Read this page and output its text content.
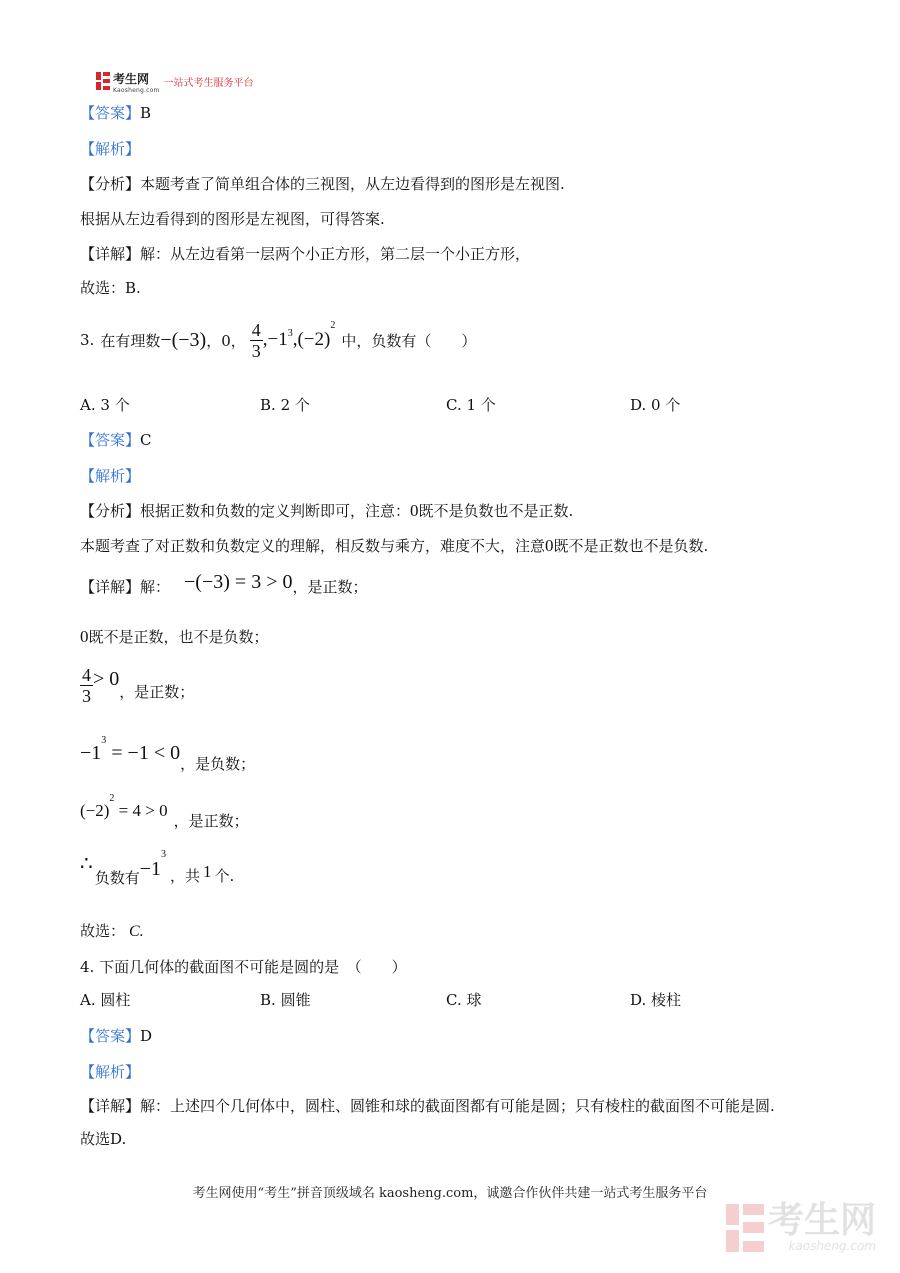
考生网
Kaosheng.com
一站式考生服务平台
【答案】B
【解析】
【分析】本题考查了简单组合体的三视图，从左边看得到的图形是左视图.
根据从左边看得到的图形是左视图，可得答案.
【详解】解：从左边看第一层两个小正方形，第二层一个小正方形，
故选：B.
3. 在有理数 −(−3) ，0， $\frac{4}{3} ,-1^3,(-2)^2$
中，负数有（　　）
A. 3 个	B. 2 个	C. 1 个	D. 0 个
【答案】C
【解析】
【分析】根据正数和负数的定义判断即可，注意：0既不是负数也不是正数.
本题考查了对正数和负数定义的理解，相反数与乘方，难度不大，注意0既不是正数也不是负数.
【详解】 解： −(−3) = 3 > 0 ，是正数；
0既不是正数，也不是负数；
$\frac{4}{3} > 0$
，是正数；
$-1^3 = -1 < 0$ ，是负数；
$(-2)^2 = 4 > 0$
，是正数；
∴
负数有 $-1^3$
，共 1 个.
故选： C.
4. 下面几何体的截面图不可能是圆的是　（　　）
A. 圆柱	B. 圆锥	C. 球	D. 棱柱
【答案】D
【解析】
【详解】解：上述四个几何体中，圆柱、圆锥和球的截面图都有可能是圆；只有棱柱的截面图不可能是圆.
故选D.
考生网使用“考生”拼音顶级域名 kaosheng.com，诚邀合作伙伴共建一站式考生服务平台
考生网
kaosheng.com
